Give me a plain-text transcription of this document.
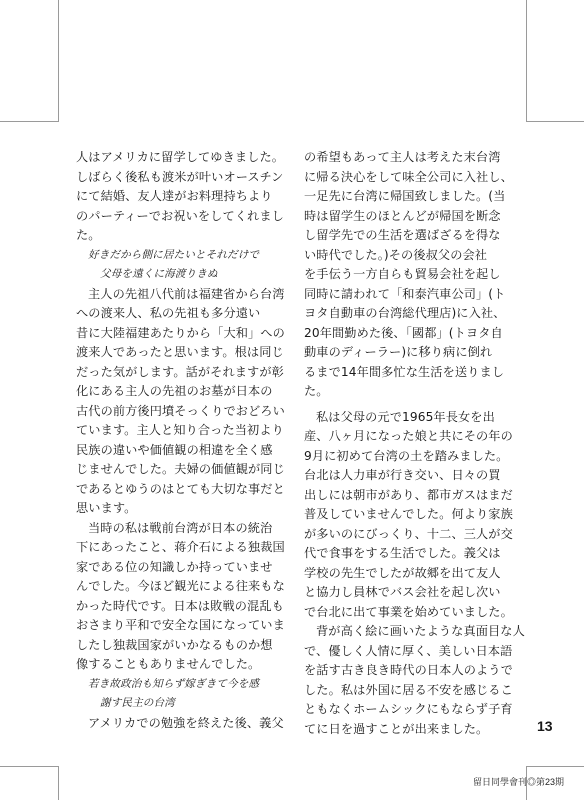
人はアメリカに留学してゆきました。
しばらく後私も渡米が叶いオースチン
にて結婚、友人達がお料理持ちより
のパーティーでお祝いをしてくれまし
た。
好きだから側に居たいとそれだけで
父母を遠くに海渡りきぬ
主人の先祖八代前は福建省から台湾
への渡来人、私の先祖も多分遠い
昔に大陸福建あたりから「大和」への
渡来人であったと思います。根は同じ
だった気がします。話がそれますが彰
化にある主人の先祖のお墓が日本の
古代の前方後円墳そっくりでおどろい
ています。主人と知り合った当初より
民族の違いや価値観の相違を全く感
じませんでした。夫婦の価値観が同じ
であるとゆうのはとても大切な事だと
思います。
当時の私は戦前台湾が日本の統治
下にあったこと、蒋介石による独裁国
家である位の知識しか持っていませ
んでした。今ほど観光による往来もな
かった時代です。日本は敗戦の混乱も
おさまり平和で安全な国になっていま
したし独裁国家がいかなるものか想
像することもありませんでした。
若き故政治も知らず嫁ぎきて今を感
謝す民主の台湾
アメリカでの勉強を終えた後、義父
の希望もあって主人は考えた末台湾
に帰る決心をして味全公司に入社し、
一足先に台湾に帰国致しました。(当
時は留学生のほとんどが帰国を断念
し留学先での生活を選ばざるを得な
い時代でした。)その後叔父の会社
を手伝う一方自らも貿易会社を起し
同時に請われて「和泰汽車公司」(ト
ヨタ自動車の台湾総代理店)に入社、
20年間勤めた後、「國都」(トヨタ自
動車のディーラー)に移り病に倒れ
るまで14年間多忙な生活を送りまし
た。
私は父母の元で1965年長女を出
産、八ヶ月になった娘と共にその年の
9月に初めて台湾の土を踏みました。
台北は人力車が行き交い、日々の買
出しには朝市があり、都市ガスはまだ
普及していませんでした。何より家族
が多いのにびっくり、十二、三人が交
代で食事をする生活でした。義父は
学校の先生でしたが故郷を出て友人
と協力し員林でバス会社を起し次い
で台北に出て事業を始めていました。
背が高く絵に画いたような真面目な人
で、優しく人情に厚く、美しい日本語
を話す古き良き時代の日本人のようで
した。私は外国に居る不安を感じるこ
ともなくホームシックにもならず子育
てに日を過すことが出来ました。	13
留日同學會刊◎第23期
